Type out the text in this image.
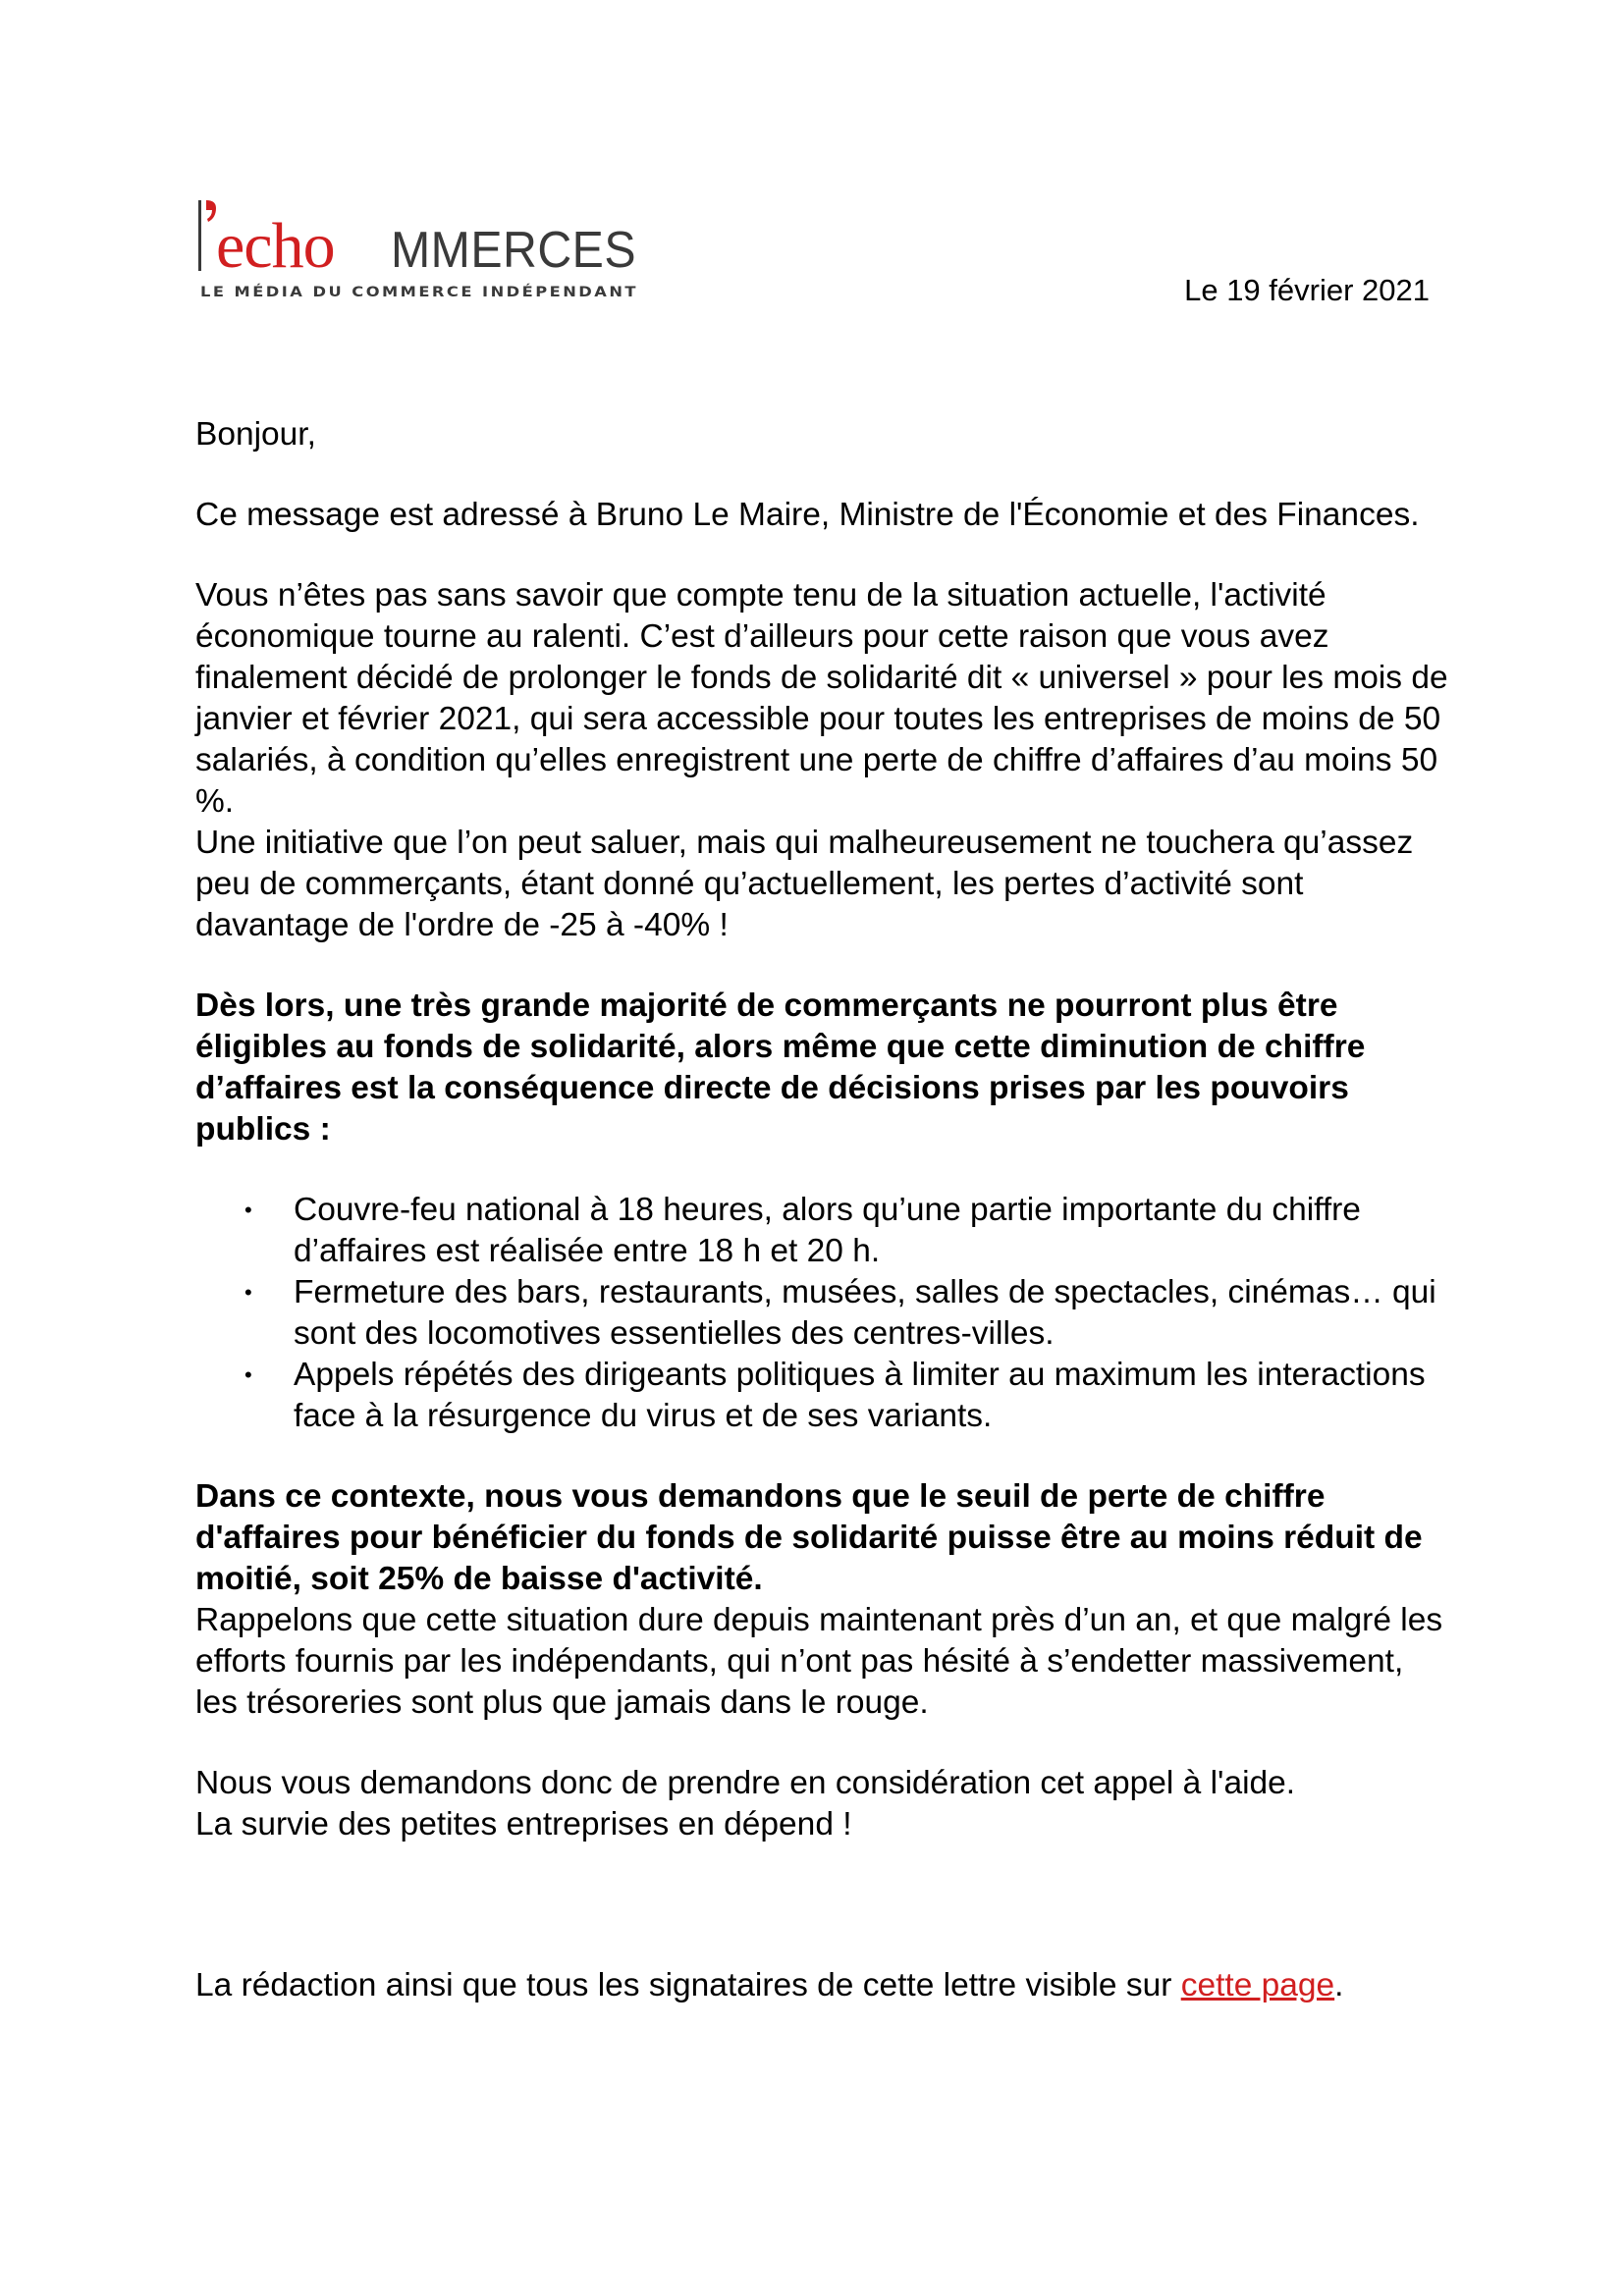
echo MMERCES
LE MÉDIA DU COMMERCE INDÉPENDANT	Le 19 février 2021

Bonjour,

Ce message est adressé à Bruno Le Maire, Ministre de l'Économie et des Finances.

Vous n’êtes pas sans savoir que compte tenu de la situation actuelle, l'activité économique tourne au ralenti. C’est d’ailleurs pour cette raison que vous avez finalement décidé de prolonger le fonds de solidarité dit « universel » pour les mois de janvier et février 2021, qui sera accessible pour toutes les entreprises de moins de 50 salariés, à condition qu’elles enregistrent une perte de chiffre d’affaires d’au moins 50 %.

Une initiative que l’on peut saluer, mais qui malheureusement ne touchera qu’assez peu de commerçants, étant donné qu’actuellement, les pertes d’activité sont davantage de l'ordre de -25 à -40% !

Dès lors, une très grande majorité de commerçants ne pourront plus être éligibles au fonds de solidarité, alors même que cette diminution de chiffre d’affaires est la conséquence directe de décisions prises par les pouvoirs publics :

• Couvre-feu national à 18 heures, alors qu’une partie importante du chiffre d’affaires est réalisée entre 18 h et 20 h.
• Fermeture des bars, restaurants, musées, salles de spectacles, cinémas… qui sont des locomotives essentielles des centres-villes.
• Appels répétés des dirigeants politiques à limiter au maximum les interactions face à la résurgence du virus et de ses variants.

Dans ce contexte, nous vous demandons que le seuil de perte de chiffre d'affaires pour bénéficier du fonds de solidarité puisse être au moins réduit de moitié, soit 25% de baisse d'activité.

Rappelons que cette situation dure depuis maintenant près d’un an, et que malgré les efforts fournis par les indépendants, qui n’ont pas hésité à s’endetter massivement, les trésoreries sont plus que jamais dans le rouge.

Nous vous demandons donc de prendre en considération cet appel à l'aide.

La survie des petites entreprises en dépend !

La rédaction ainsi que tous les signataires de cette lettre visible sur cette page.
